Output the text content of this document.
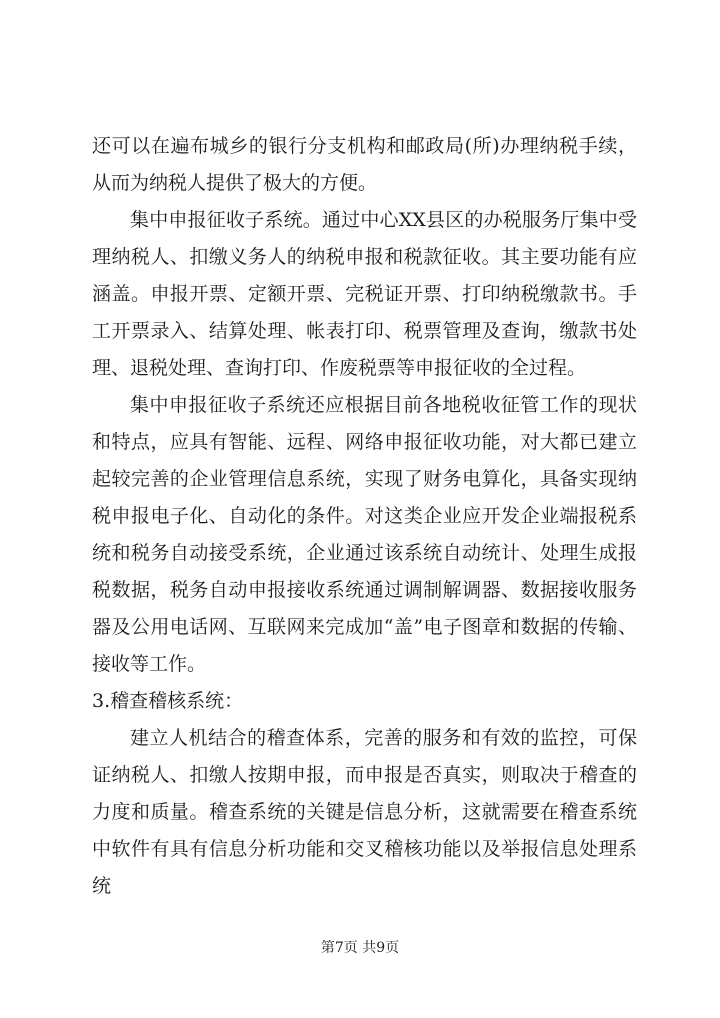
还可以在遍布城乡的银行分支机构和邮政局(所)办理纳税手续，从而为纳税人提供了极大的方便。

集中申报征收子系统。通过中心XX县区的办税服务厅集中受理纳税人、扣缴义务人的纳税申报和税款征收。其主要功能有应涵盖。申报开票、定额开票、完税证开票、打印纳税缴款书。手工开票录入、结算处理、帐表打印、税票管理及查询，缴款书处理、退税处理、查询打印、作废税票等申报征收的全过程。

集中申报征收子系统还应根据目前各地税收征管工作的现状和特点，应具有智能、远程、网络申报征收功能，对大都已建立起较完善的企业管理信息系统，实现了财务电算化，具备实现纳税申报电子化、自动化的条件。对这类企业应开发企业端报税系统和税务自动接受系统，企业通过该系统自动统计、处理生成报税数据，税务自动申报接收系统通过调制解调器、数据接收服务器及公用电话网、互联网来完成加“盖”电子图章和数据的传输、接收等工作。

3.稽查稽核系统：

建立人机结合的稽查体系，完善的服务和有效的监控，可保证纳税人、扣缴人按期申报，而申报是否真实，则取决于稽查的力度和质量。稽查系统的关键是信息分析，这就需要在稽查系统中软件有具有信息分析功能和交叉稽核功能以及举报信息处理系统

第7页 共9页
